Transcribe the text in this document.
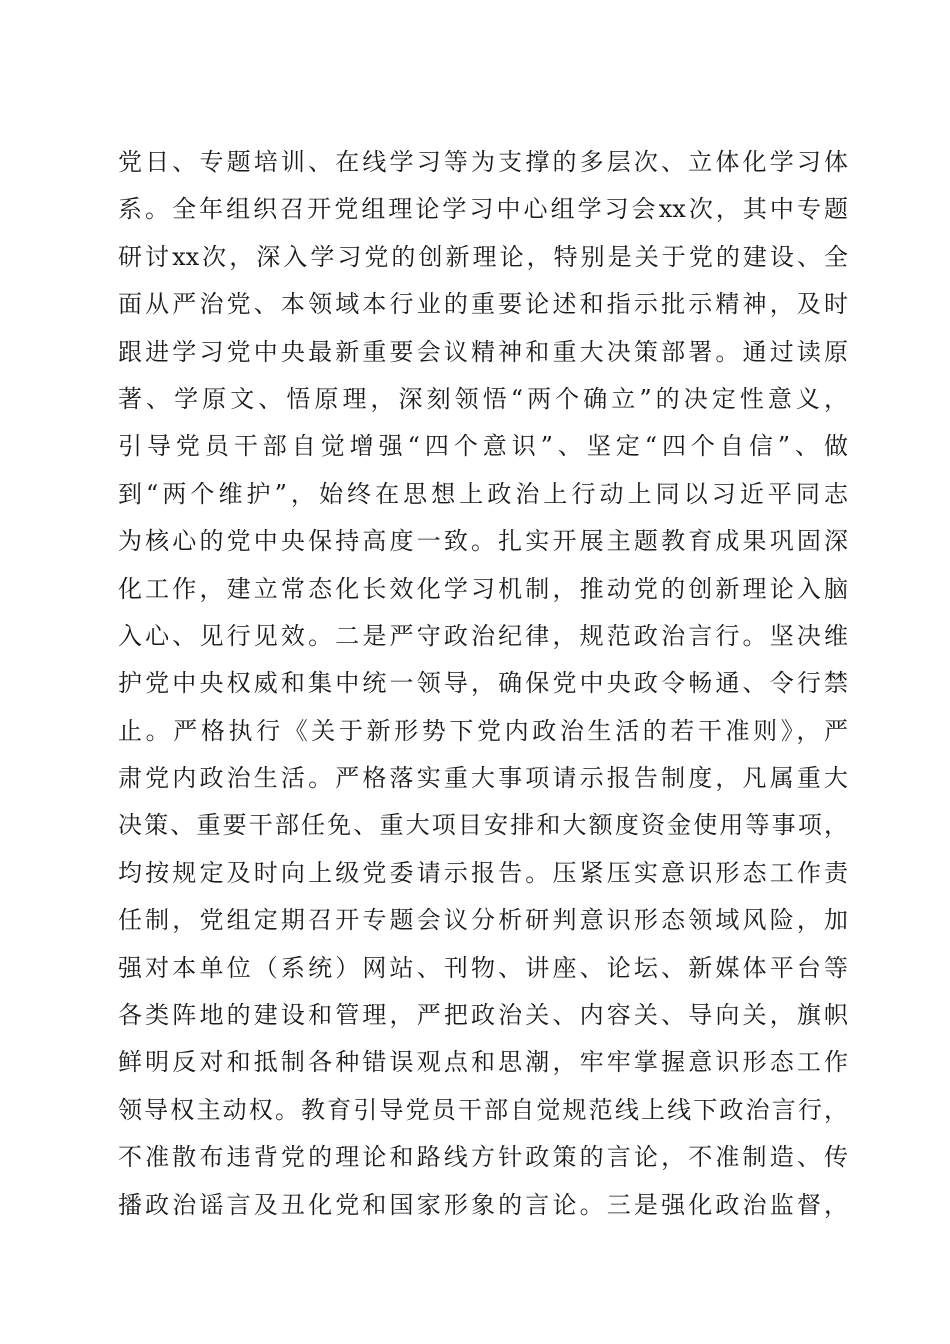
党日、专题培训、在线学习等为支撑的多层次、立体化学习体
系。全年组织召开党组理论学习中心组学习会xx次，其中专题
研讨xx次，深入学习党的创新理论，特别是关于党的建设、全
面从严治党、本领域本行业的重要论述和指示批示精神，及时
跟进学习党中央最新重要会议精神和重大决策部署。通过读原
著、学原文、悟原理，深刻领悟“两个确立”的决定性意义，
引导党员干部自觉增强“四个意识”、坚定“四个自信”、做
到“两个维护”，始终在思想上政治上行动上同以习近平同志
为核心的党中央保持高度一致。扎实开展主题教育成果巩固深
化工作，建立常态化长效化学习机制，推动党的创新理论入脑
入心、见行见效。二是严守政治纪律，规范政治言行。坚决维
护党中央权威和集中统一领导，确保党中央政令畅通、令行禁
止。严格执行《关于新形势下党内政治生活的若干准则》，严
肃党内政治生活。严格落实重大事项请示报告制度，凡属重大
决策、重要干部任免、重大项目安排和大额度资金使用等事项，
均按规定及时向上级党委请示报告。压紧压实意识形态工作责
任制，党组定期召开专题会议分析研判意识形态领域风险，加
强对本单位（系统）网站、刊物、讲座、论坛、新媒体平台等
各类阵地的建设和管理，严把政治关、内容关、导向关，旗帜
鲜明反对和抵制各种错误观点和思潮，牢牢掌握意识形态工作
领导权主动权。教育引导党员干部自觉规范线上线下政治言行，
不准散布违背党的理论和路线方针政策的言论，不准制造、传
播政治谣言及丑化党和国家形象的言论。三是强化政治监督，
